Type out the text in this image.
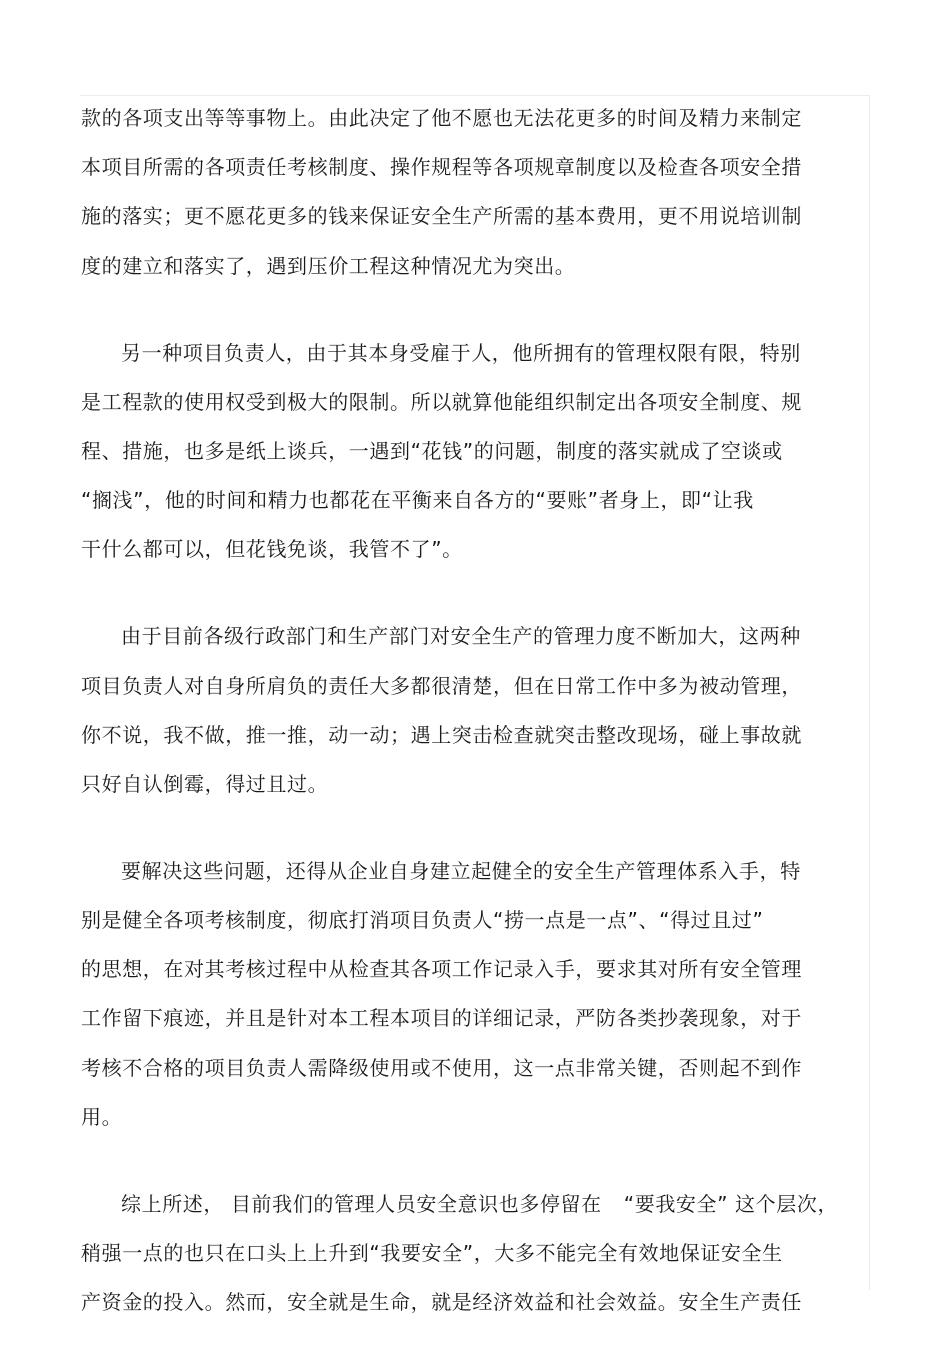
款的各项支出等等事物上。由此决定了他不愿也无法花更多的时间及精力来制定
本项目所需的各项责任考核制度、操作规程等各项规章制度以及检查各项安全措
施的落实；更不愿花更多的钱来保证安全生产所需的基本费用，更不用说培训制
度的建立和落实了，遇到压价工程这种情况尤为突出。
另一种项目负责人，由于其本身受雇于人，他所拥有的管理权限有限，特别
是工程款的使用权受到极大的限制。所以就算他能组织制定出各项安全制度、规
程、措施，也多是纸上谈兵，一遇到“花钱”的问题，制度的落实就成了空谈或
“搁浅”，他的时间和精力也都花在平衡来自各方的“要账”者身上，即“让我
干什么都可以，但花钱免谈，我管不了”。
由于目前各级行政部门和生产部门对安全生产的管理力度不断加大，这两种
项目负责人对自身所肩负的责任大多都很清楚，但在日常工作中多为被动管理，
你不说，我不做，推一推，动一动；遇上突击检查就突击整改现场，碰上事故就
只好自认倒霉，得过且过。
要解决这些问题，还得从企业自身建立起健全的安全生产管理体系入手，特
别是健全各项考核制度，彻底打消项目负责人“捞一点是一点”、“得过且过”
的思想，在对其考核过程中从检查其各项工作记录入手，要求其对所有安全管理
工作留下痕迹，并且是针对本工程本项目的详细记录，严防各类抄袭现象，对于
考核不合格的项目负责人需降级使用或不使用，这一点非常关键，否则起不到作
用。
综上所述， 目前我们的管理人员安全意识也多停留在 “要我安全” 这个层次，
稍强一点的也只在口头上上升到“我要安全”，大多不能完全有效地保证安全生
产资金的投入。然而，安全就是生命，就是经济效益和社会效益。安全生产责任
